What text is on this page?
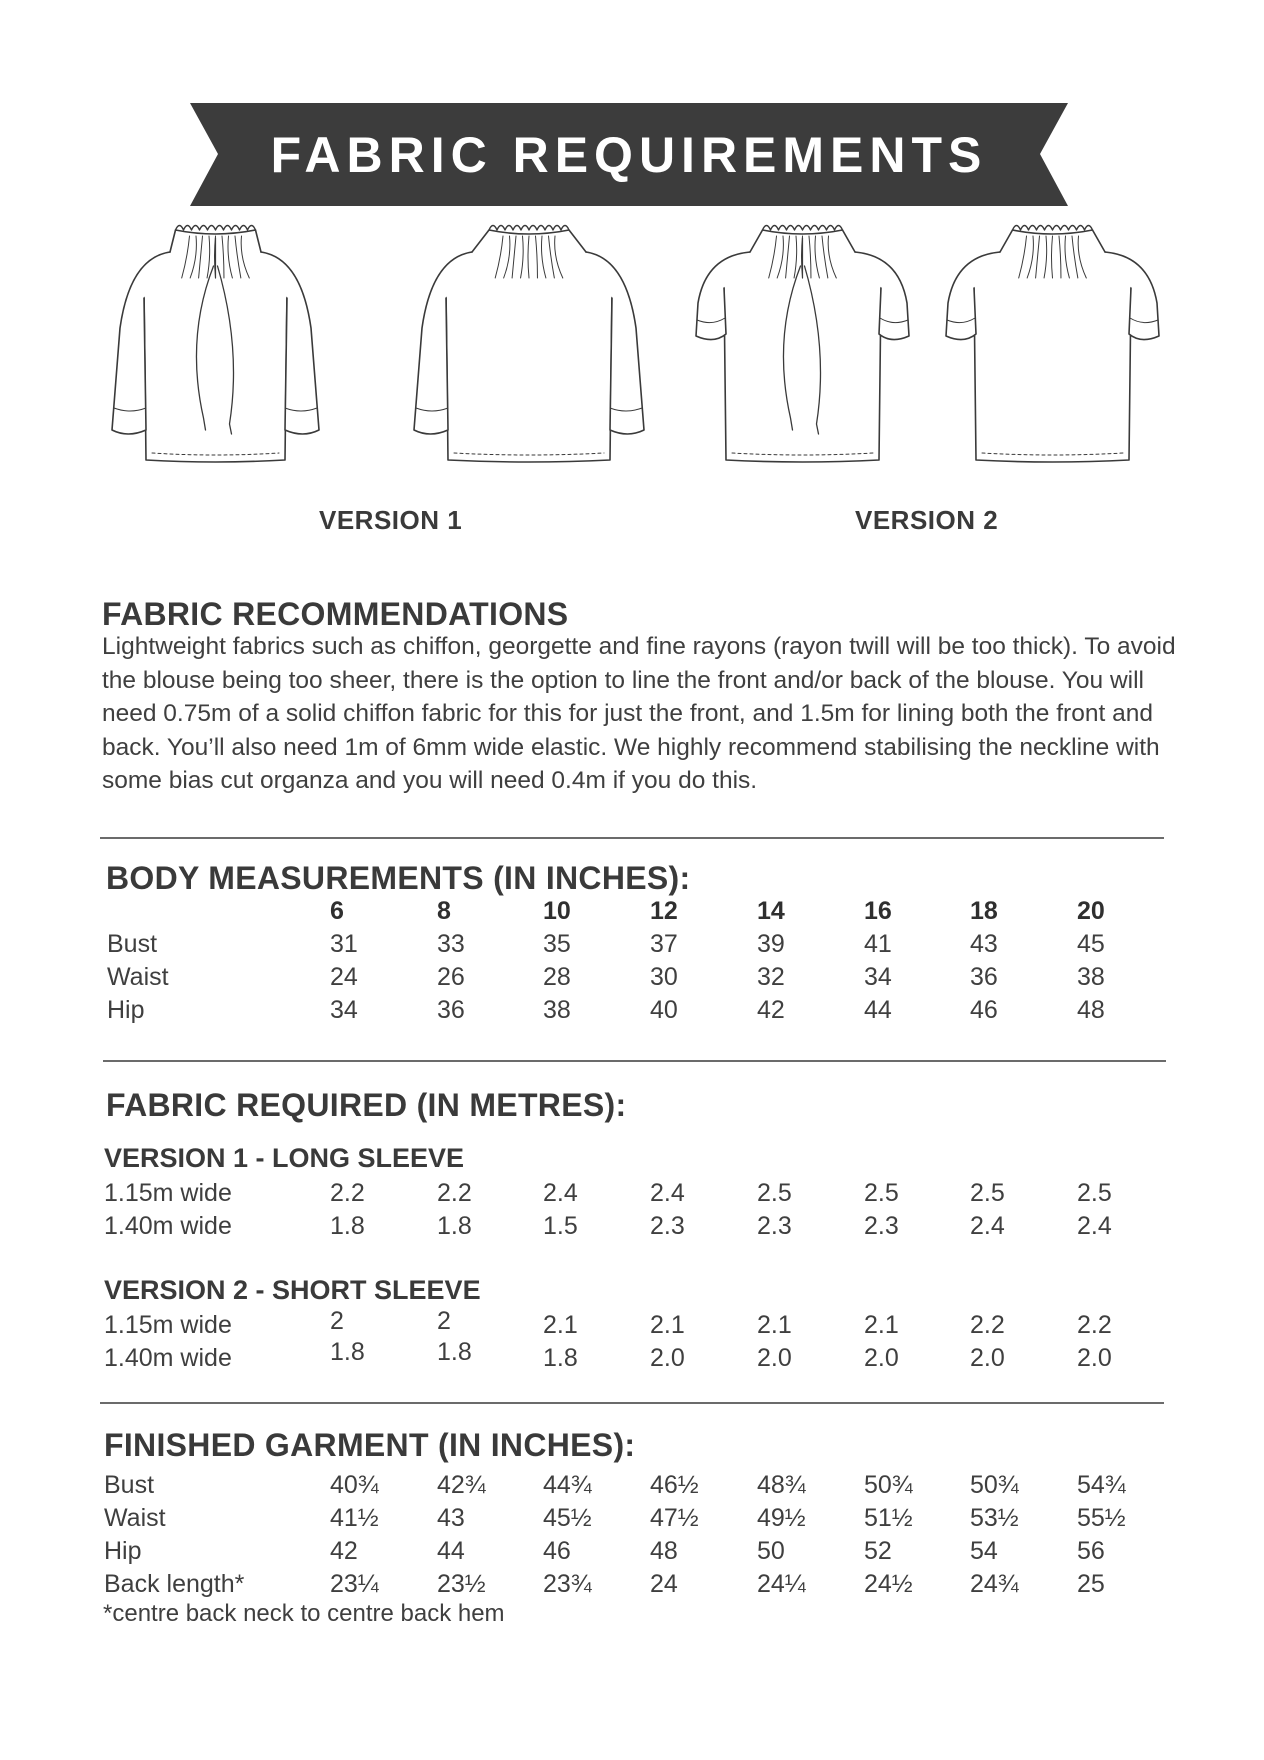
FABRIC REQUIREMENTS
VERSION 1	VERSION 2
FABRIC RECOMMENDATIONS

Lightweight fabrics such as chiffon, georgette and fine rayons (rayon twill will be too thick). To avoid the blouse being too sheer, there is the option to line the front and/or back of the blouse. You will need 0.75m of a solid chiffon fabric for this for just the front, and 1.5m for lining both the front and back. You’ll also need 1m of 6mm wide elastic. We highly recommend stabilising the neckline with some bias cut organza and you will need 0.4m if you do this.

BODY MEASUREMENTS (IN INCHES):
6	8	10	12	14	16	18	20
Bust	31	33	35	37	39	41	43	45
Waist	24	26	28	30	32	34	36	38
Hip	34	36	38	40	42	44	46	48
FABRIC REQUIRED (IN METRES):
VERSION 1 - LONG SLEEVE
1.15m wide	2.2	2.2	2.4	2.4	2.5	2.5	2.5	2.5
1.40m wide	1.8	1.8	1.5	2.3	2.3	2.3	2.4	2.4
VERSION 2 - SHORT SLEEVE
1.15m wide	2	2	2.1	2.1	2.1	2.1	2.2	2.2
1.40m wide	1.8	1.8	1.8	2.0	2.0	2.0	2.0	2.0
FINISHED GARMENT (IN INCHES):
Bust	40¾ 42¾ 44¾ 46½ 48¾ 50¾ 50¾ 54¾
Waist	41½ 43	45½ 47½ 49½ 51½ 53½ 55½
Hip	42	44	46	48	50	52	54	56
Back length*	23¼ 23½ 23¾ 24	24¼ 24½ 24¾ 25
*centre back neck to centre back hem
